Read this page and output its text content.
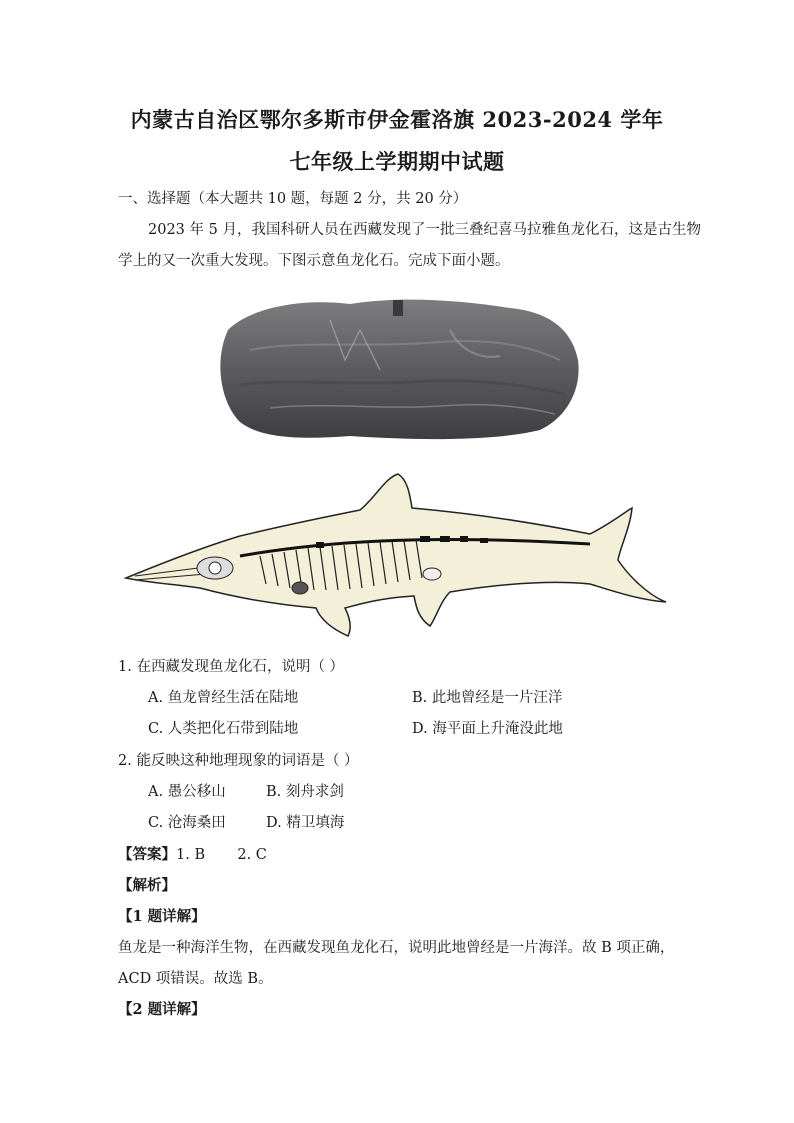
内蒙古自治区鄂尔多斯市伊金霍洛旗 2023-2024 学年
七年级上学期期中试题
一、选择题（本大题共 10 题，每题 2 分，共 20 分）
2023 年 5 月，我国科研人员在西藏发现了一批三叠纪喜马拉雅鱼龙化石，这是古生物
学上的又一次重大发现。下图示意鱼龙化石。完成下面小题。
1. 在西藏发现鱼龙化石，说明（ ）
A. 鱼龙曾经生活在陆地	B. 此地曾经是一片汪洋
C. 人类把化石带到陆地	D. 海平面上升淹没此地
2. 能反映这种地理现象的词语是（ ）
A. 愚公移山	B. 刻舟求剑
C. 沧海桑田	D. 精卫填海
【答案】1. B       2. C
【解析】
【1 题详解】
鱼龙是一种海洋生物，在西藏发现鱼龙化石，说明此地曾经是一片海洋。故 B 项正确，
ACD 项错误。故选 B。
【2 题详解】
